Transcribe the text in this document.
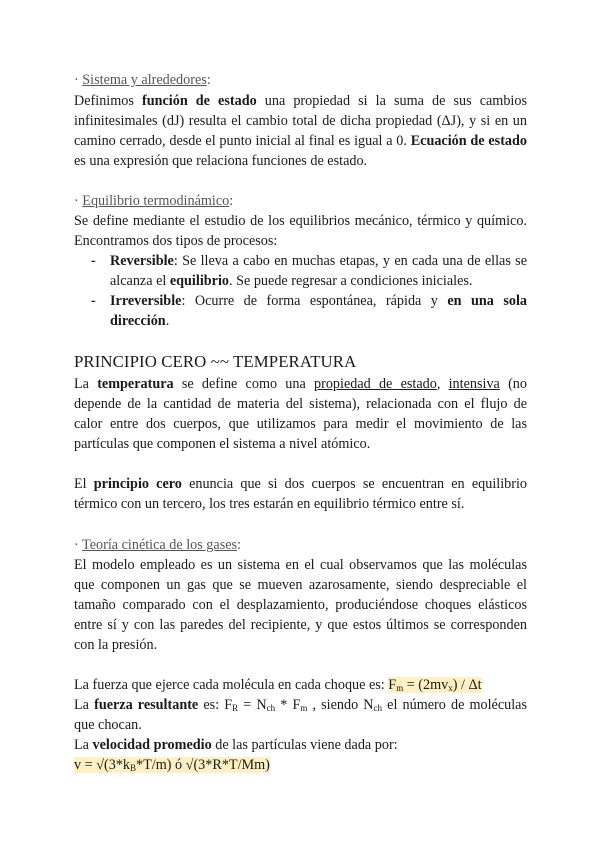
· Sistema y alrededores:
Definimos función de estado una propiedad si la suma de sus cambios infinitesimales (dJ) resulta el cambio total de dicha propiedad (ΔJ), y si en un camino cerrado, desde el punto inicial al final es igual a 0. Ecuación de estado es una expresión que relaciona funciones de estado.
· Equilibrio termodinámico:
Se define mediante el estudio de los equilibrios mecánico, térmico y químico. Encontramos dos tipos de procesos:
- Reversible: Se lleva a cabo en muchas etapas, y en cada una de ellas se alcanza el equilibrio. Se puede regresar a condiciones iniciales.
- Irreversible: Ocurre de forma espontánea, rápida y en una sola dirección.
PRINCIPIO CERO ~~ TEMPERATURA
La temperatura se define como una propiedad de estado, intensiva (no depende de la cantidad de materia del sistema), relacionada con el flujo de calor entre dos cuerpos, que utilizamos para medir el movimiento de las partículas que componen el sistema a nivel atómico.
El principio cero enuncia que si dos cuerpos se encuentran en equilibrio térmico con un tercero, los tres estarán en equilibrio térmico entre sí.
· Teoría cinética de los gases:
El modelo empleado es un sistema en el cual observamos que las moléculas que componen un gas que se mueven azarosamente, siendo despreciable el tamaño comparado con el desplazamiento, produciéndose choques elásticos entre sí y con las paredes del recipiente, y que estos últimos se corresponden con la presión.
La fuerza que ejerce cada molécula en cada choque es: $F_m = (2mv_x) / \Delta t$
La fuerza resultante es: $F_R = N_{ch} * F_m$ , siendo $N_{ch}$ el número de moléculas que chocan.
La velocidad promedio de las partículas viene dada por:
$v = √(3*k_B*T/m)$ ó √(3*R*T/Mm)
